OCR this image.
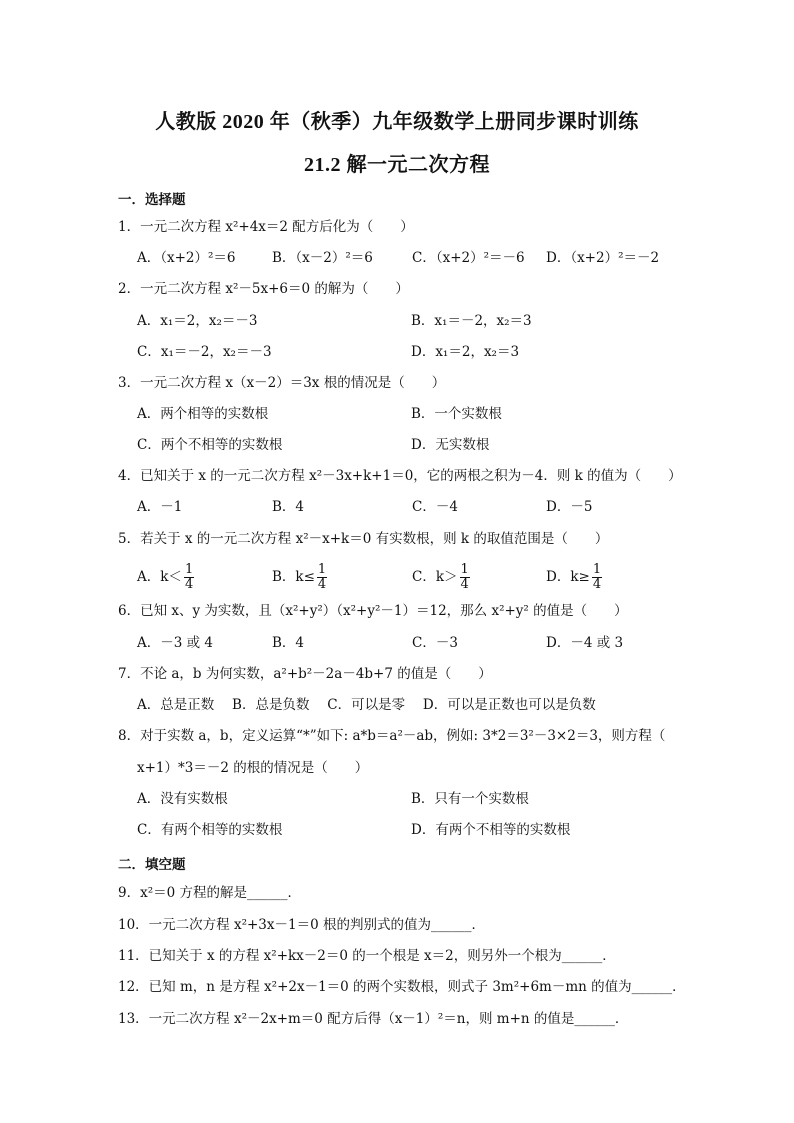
人教版 2020 年（秋季）九年级数学上册同步课时训练
21.2 解一元二次方程
一．选择题
1．一元二次方程 x²+4x＝2 配方后化为（　　）
A．（x+2）²＝6	B．（x－2）²＝6	C．（x+2）²＝－6 D．（x+2）²＝－2
2．一元二次方程 x²－5x+6＝0 的解为（　　）
A．x₁＝2，x₂＝－3	B．x₁＝－2，x₂＝3
C．x₁＝－2，x₂＝－3	D．x₁＝2，x₂＝3
3．一元二次方程 x（x－2）＝3x 根的情况是（　　）
A．两个相等的实数根	B．一个实数根
C．两个不相等的实数根	D．无实数根
4．已知关于 x 的一元二次方程 x²－3x+k+1＝0，它的两根之积为－4．则 k 的值为（　　）
A．－1	B．4	C．－4	D．－5
5．若关于 x 的一元二次方程 x²－x+k＝0 有实数根，则 k 的取值范围是（　　）
A．$k< \frac{1}{4}$	B．$k\le \frac{1}{4}$	C．$k> \frac{1}{4}$	D．$k\ge \frac{1}{4}$
6．已知 x、y 为实数，且（x²+y²）（x²+y²－1）＝12，那么 x²+y² 的值是（　　）
A．－3 或 4	B．4	C．－3	D．－4 或 3
7．不论 a，b 为何实数，a²+b²－2a－4b+7 的值是（　　）
A．总是正数　 B．总是负数　 C．可以是零　 D．可以是正数也可以是负数
8．对于实数 a，b，定义运算“*”如下: a*b＝a²－ab，例如: 3*2＝3²－3×2＝3，则方程（
x+1）*3＝－2 的根的情况是（　　）
A．没有实数根	B．只有一个实数根
C．有两个相等的实数根	D．有两个不相等的实数根
二．填空题
9．x²＝0 方程的解是______．
10．一元二次方程 x²+3x－1＝0 根的判别式的值为______．
11．已知关于 x 的方程 x²+kx－2＝0 的一个根是 x＝2，则另外一个根为______．
12．已知 m，n 是方程 x²+2x－1＝0 的两个实数根，则式子 3m²+6m－mn 的值为______．
13．一元二次方程 x²－2x+m＝0 配方后得（x－1）²＝n，则 m+n 的值是______．
